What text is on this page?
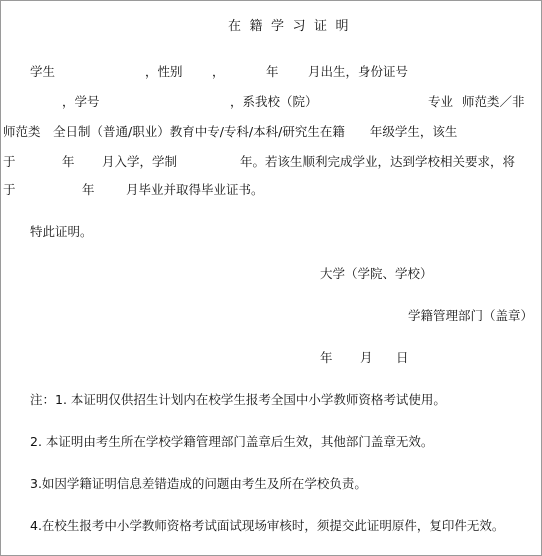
在籍学习证明
学生	，性别 ，	年 月出生，身份证号
，学号	，系我校（院）	专业 师范类／非
师范类　全日制（普通/职业）教育中专/专科/本科/研究生在籍　　年级学生，该生
于	年 月入学，学制	年。若该生顺利完成学业，达到学校相关要求，将
于	年	月毕业并取得毕业证书。
特此证明。
大学（学院、学校）
学籍管理部门（盖章）
年 月 日
注：1. 本证明仅供招生计划内在校学生报考全国中小学教师资格考试使用。
2. 本证明由考生所在学校学籍管理部门盖章后生效，其他部门盖章无效。
3.如因学籍证明信息差错造成的问题由考生及所在学校负责。
4.在校生报考中小学教师资格考试面试现场审核时，须提交此证明原件，复印件无效。
